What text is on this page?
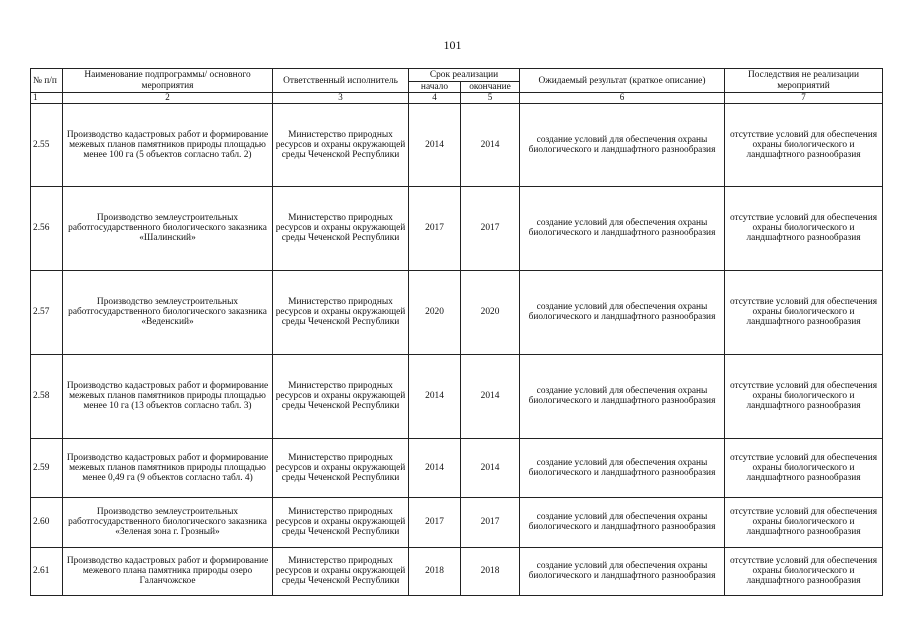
101
№ п/п	Наименование подпрограммы/ основного мероприятия	Ответственный исполнитель	Срок реализации		Ожидаемый результат (краткое описание)	Последствия не реализации мероприятий
			начало	окончание		
1	2	3	4	5	6	7
2.55	Производство кадастровых работ и формирование межевых планов памятников природы площадью менее 100 га (5 объектов согласно табл. 2)	Министерство природных ресурсов и охраны окружающей среды Чеченской Республики	2014	2014	создание условий для обеспечения охраны биологического и ландшафтного разнообразия	отсутствие условий для обеспечения охраны биологического и ландшафтного разнообразия
2.56	Производство землеустроительных работгосударственного биологического заказника «Шалинский»	Министерство природных ресурсов и охраны окружающей среды Чеченской Республики	2017	2017	создание условий для обеспечения охраны биологического и ландшафтного разнообразия	отсутствие условий для обеспечения охраны биологического и ландшафтного разнообразия
2.57	Производство землеустроительных работгосударственного биологического заказника «Веденский»	Министерство природных ресурсов и охраны окружающей среды Чеченской Республики	2020	2020	создание условий для обеспечения охраны биологического и ландшафтного разнообразия	отсутствие условий для обеспечения охраны биологического и ландшафтного разнообразия
2.58	Производство кадастровых работ и формирование межевых планов памятников природы площадью менее 10 га (13 объектов согласно табл. 3)	Министерство природных ресурсов и охраны окружающей среды Чеченской Республики	2014	2014	создание условий для обеспечения охраны биологического и ландшафтного разнообразия	отсутствие условий для обеспечения охраны биологического и ландшафтного разнообразия
2.59	Производство кадастровых работ и формирование межевых планов памятников природы площадью менее 0,49 га (9 объектов согласно табл. 4)	Министерство природных ресурсов и охраны окружающей среды Чеченской Республики	2014	2014	создание условий для обеспечения охраны биологического и ландшафтного разнообразия	отсутствие условий для обеспечения охраны биологического и ландшафтного разнообразия
2.60	Производство землеустроительных работгосударственного биологического заказника «Зеленая зона г. Грозный»	Министерство природных ресурсов и охраны окружающей среды Чеченской Республики	2017	2017	создание условий для обеспечения охраны биологического и ландшафтного разнообразия	отсутствие условий для обеспечения охраны биологического и ландшафтного разнообразия
2.61	Производство кадастровых работ и формирование межевого плана памятника природы озеро Галанчожское	Министерство природных ресурсов и охраны окружающей среды Чеченской Республики	2018	2018	создание условий для обеспечения охраны биологического и ландшафтного разнообразия	отсутствие условий для обеспечения охраны биологического и ландшафтного разнообразия
